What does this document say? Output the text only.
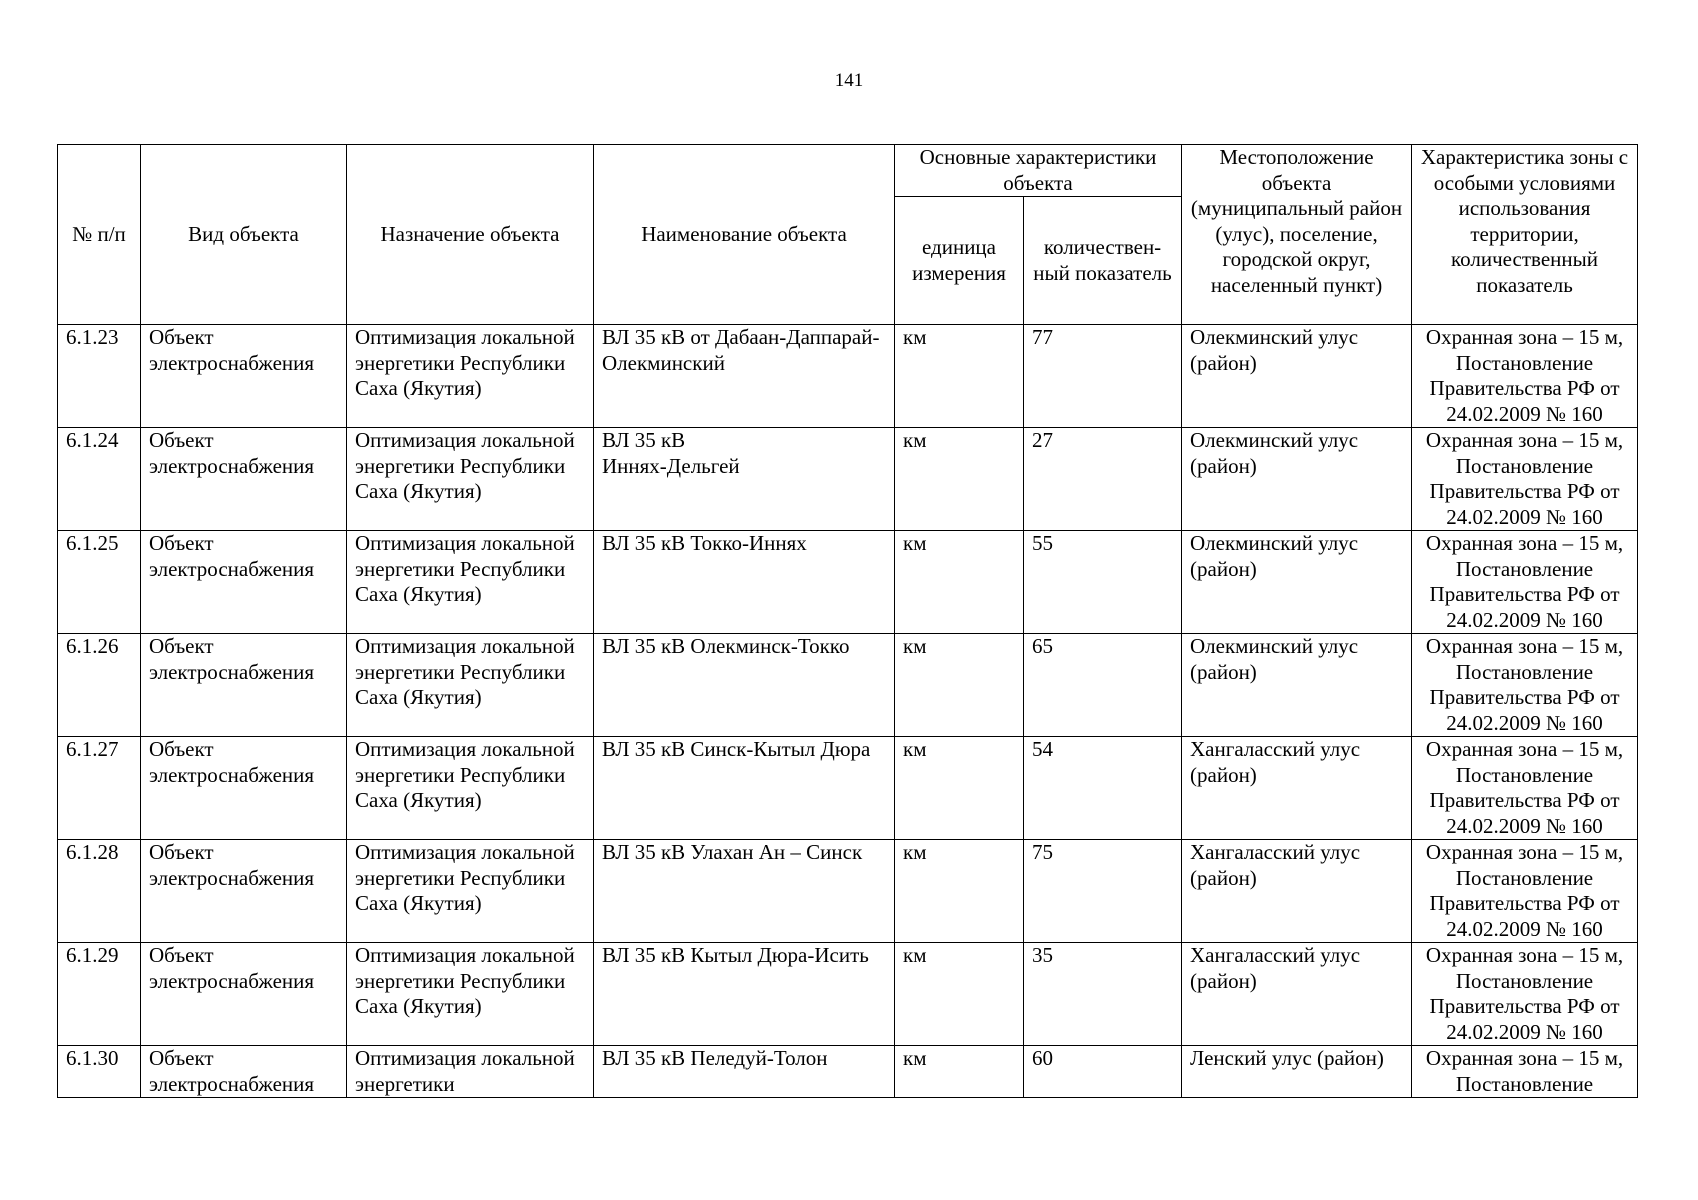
141
№ п/п	Вид объекта	Назначение объекта	Наименование объекта	Основные характеристики объекта		Местоположение объекта (муниципальный район (улус), поселение, городской округ, населенный пункт)	Характеристика зоны с особыми условиями использования территории, количественный показатель
				единица измерения	количествен-ный показатель		
6.1.23	Объект электроснабжения	Оптимизация локальной энергетики Республики Саха (Якутия)	ВЛ 35 кВ от Дабаан-Даппарай-Олекминский	км	77	Олекминский улус (район)	Охранная зона – 15 м, Постановление Правительства РФ от 24.02.2009 № 160
6.1.24	Объект электроснабжения	Оптимизация локальной энергетики Республики Саха (Якутия)	ВЛ 35 кВ  Иннях-Дельгей	км	27	Олекминский улус (район)	Охранная зона – 15 м, Постановление Правительства РФ от 24.02.2009 № 160
6.1.25	Объект электроснабжения	Оптимизация локальной энергетики Республики Саха (Якутия)	ВЛ 35 кВ Токко-Иннях	км	55	Олекминский улус (район)	Охранная зона – 15 м, Постановление Правительства РФ от 24.02.2009 № 160
6.1.26	Объект электроснабжения	Оптимизация локальной энергетики Республики Саха (Якутия)	ВЛ 35 кВ Олекминск-Токко	км	65	Олекминский улус (район)	Охранная зона – 15 м, Постановление Правительства РФ от 24.02.2009 № 160
6.1.27	Объект электроснабжения	Оптимизация локальной энергетики Республики Саха (Якутия)	ВЛ 35 кВ Синск-Кытыл Дюра	км	54	Хангаласский улус (район)	Охранная зона – 15 м, Постановление Правительства РФ от 24.02.2009 № 160
6.1.28	Объект электроснабжения	Оптимизация локальной энергетики Республики Саха (Якутия)	ВЛ 35 кВ Улахан Ан – Синск	км	75	Хангаласский улус (район)	Охранная зона – 15 м, Постановление Правительства РФ от 24.02.2009 № 160
6.1.29	Объект электроснабжения	Оптимизация локальной энергетики Республики Саха (Якутия)	ВЛ 35 кВ Кытыл Дюра-Исить	км	35	Хангаласский улус (район)	Охранная зона – 15 м, Постановление Правительства РФ от 24.02.2009 № 160
6.1.30	Объект электроснабжения	Оптимизация локальной энергетики	ВЛ 35 кВ Пеледуй-Толон	км	60	Ленский улус (район)	Охранная зона – 15 м, Постановление
